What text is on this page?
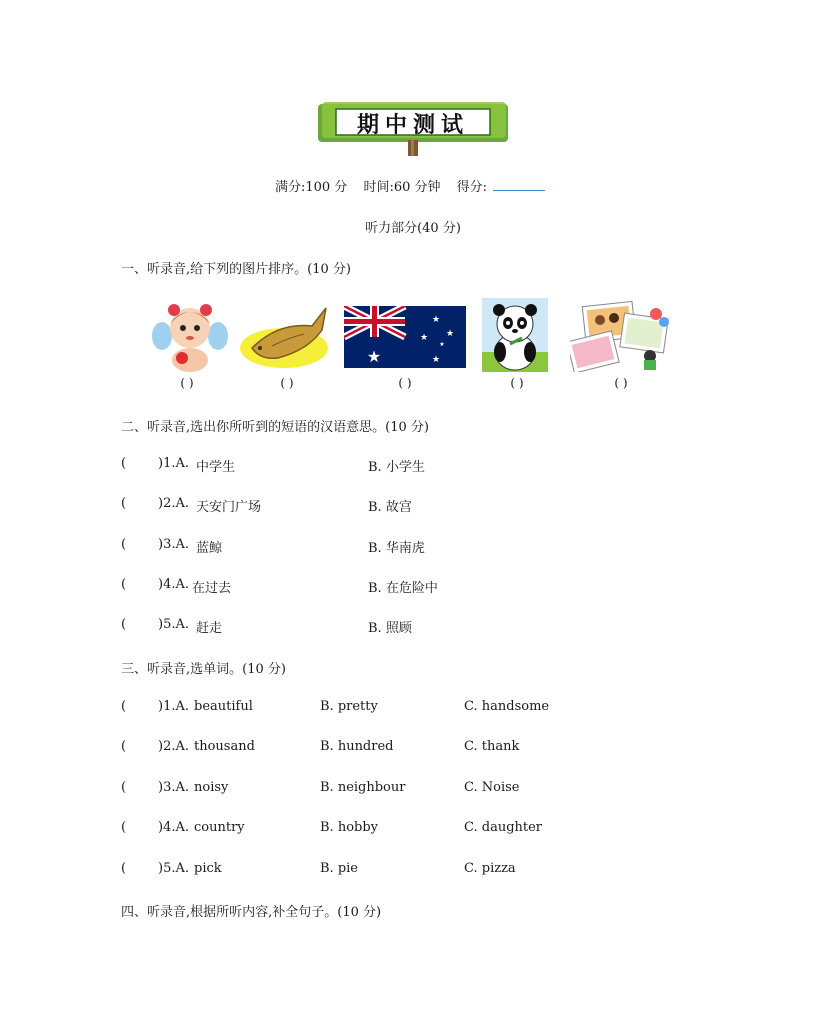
期中测试
满分:100 分 时间:60 分钟 得分:
听力部分(40 分)
一、听录音,给下列的图片排序。(10 分)
★
★
★ ★
★
★
( )	( )	( )	( )	( )
二、听录音,选出你所听到的短语的汉语意思。(10 分)
( )1.A. 中学生	B. 小学生
( )2.A. 天安门广场	B. 故宫
( )3.A. 蓝鲸	B. 华南虎
( )4.A. 在过去	B. 在危险中
( )5.A. 赶走	B. 照顾
三、听录音,选单词。(10 分)
( )1.A. beautiful	B. pretty	C. handsome
( )2.A. thousand	B. hundred	C. thank
( )3.A. noisy	B. neighbour	C. Noise
( )4.A. country	B. hobby	C. daughter
( )5.A. pick	B. pie	C. pizza
四、听录音,根据所听内容,补全句子。(10 分)
